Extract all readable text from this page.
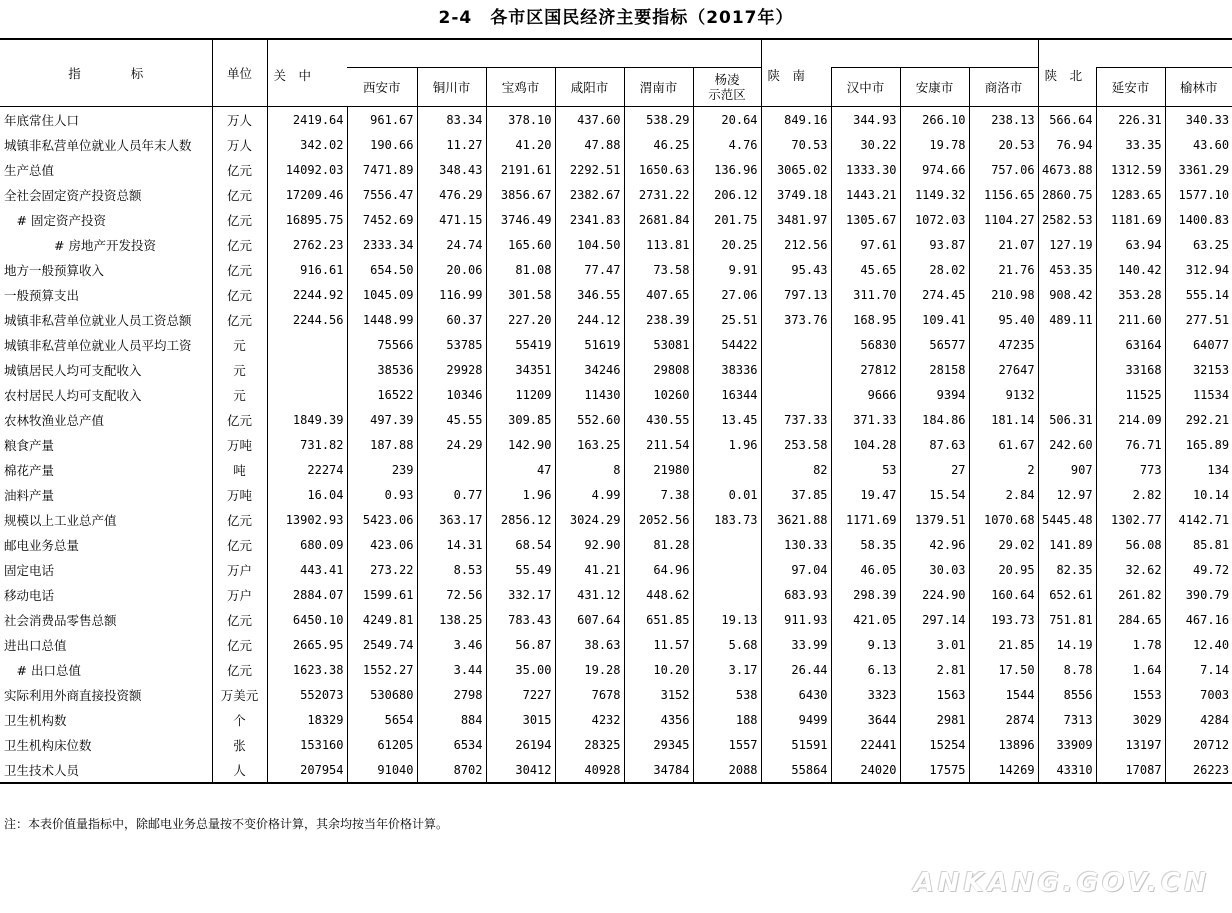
2-4　各市区国民经济主要指标（2017年）
指　　　　标	单位	关　中							陕　南				陕　北		
			西安市	铜川市	宝鸡市	咸阳市	渭南市	杨凌
示范区		汉中市	安康市	商洛市		延安市	榆林市
年底常住人口	万人	2419.64	961.67	83.34	378.10	437.60	538.29	20.64	849.16	344.93	266.10	238.13	566.64	226.31	340.33
城镇非私营单位就业人员年末人数	万人	342.02	190.66	11.27	41.20	47.88	46.25	4.76	70.53	30.22	19.78	20.53	76.94	33.35	43.60
生产总值	亿元	14092.03	7471.89	348.43	2191.61	2292.51	1650.63	136.96	3065.02	1333.30	974.66	757.06	4673.88	1312.59	3361.29
全社会固定资产投资总额	亿元	17209.46	7556.47	476.29	3856.67	2382.67	2731.22	206.12	3749.18	1443.21	1149.32	1156.65	2860.75	1283.65	1577.10
　# 固定资产投资	亿元	16895.75	7452.69	471.15	3746.49	2341.83	2681.84	201.75	3481.97	1305.67	1072.03	1104.27	2582.53	1181.69	1400.83
　　　　# 房地产开发投资	亿元	2762.23	2333.34	24.74	165.60	104.50	113.81	20.25	212.56	97.61	93.87	21.07	127.19	63.94	63.25
地方一般预算收入	亿元	916.61	654.50	20.06	81.08	77.47	73.58	9.91	95.43	45.65	28.02	21.76	453.35	140.42	312.94
一般预算支出	亿元	2244.92	1045.09	116.99	301.58	346.55	407.65	27.06	797.13	311.70	274.45	210.98	908.42	353.28	555.14
城镇非私营单位就业人员工资总额	亿元	2244.56	1448.99	60.37	227.20	244.12	238.39	25.51	373.76	168.95	109.41	95.40	489.11	211.60	277.51
城镇非私营单位就业人员平均工资	元		75566	53785	55419	51619	53081	54422		56830	56577	47235		63164	64077
城镇居民人均可支配收入	元		38536	29928	34351	34246	29808	38336		27812	28158	27647		33168	32153
农村居民人均可支配收入	元		16522	10346	11209	11430	10260	16344		9666	9394	9132		11525	11534
农林牧渔业总产值	亿元	1849.39	497.39	45.55	309.85	552.60	430.55	13.45	737.33	371.33	184.86	181.14	506.31	214.09	292.21
粮食产量	万吨	731.82	187.88	24.29	142.90	163.25	211.54	1.96	253.58	104.28	87.63	61.67	242.60	76.71	165.89
棉花产量	吨	22274	239		47	8	21980		82	53	27	2	907	773	134
油料产量	万吨	16.04	0.93	0.77	1.96	4.99	7.38	0.01	37.85	19.47	15.54	2.84	12.97	2.82	10.14
规模以上工业总产值	亿元	13902.93	5423.06	363.17	2856.12	3024.29	2052.56	183.73	3621.88	1171.69	1379.51	1070.68	5445.48	1302.77	4142.71
邮电业务总量	亿元	680.09	423.06	14.31	68.54	92.90	81.28		130.33	58.35	42.96	29.02	141.89	56.08	85.81
固定电话	万户	443.41	273.22	8.53	55.49	41.21	64.96		97.04	46.05	30.03	20.95	82.35	32.62	49.72
移动电话	万户	2884.07	1599.61	72.56	332.17	431.12	448.62		683.93	298.39	224.90	160.64	652.61	261.82	390.79
社会消费品零售总额	亿元	6450.10	4249.81	138.25	783.43	607.64	651.85	19.13	911.93	421.05	297.14	193.73	751.81	284.65	467.16
进出口总值	亿元	2665.95	2549.74	3.46	56.87	38.63	11.57	5.68	33.99	9.13	3.01	21.85	14.19	1.78	12.40
　# 出口总值	亿元	1623.38	1552.27	3.44	35.00	19.28	10.20	3.17	26.44	6.13	2.81	17.50	8.78	1.64	7.14
实际利用外商直接投资额	万美元	552073	530680	2798	7227	7678	3152	538	6430	3323	1563	1544	8556	1553	7003
卫生机构数	个	18329	5654	884	3015	4232	4356	188	9499	3644	2981	2874	7313	3029	4284
卫生机构床位数	张	153160	61205	6534	26194	28325	29345	1557	51591	22441	15254	13896	33909	13197	20712
卫生技术人员	人	207954	91040	8702	30412	40928	34784	2088	55864	24020	17575	14269	43310	17087	26223
注：本表价值量指标中，除邮电业务总量按不变价格计算，其余均按当年价格计算。
ANKANG.GOV.CN
